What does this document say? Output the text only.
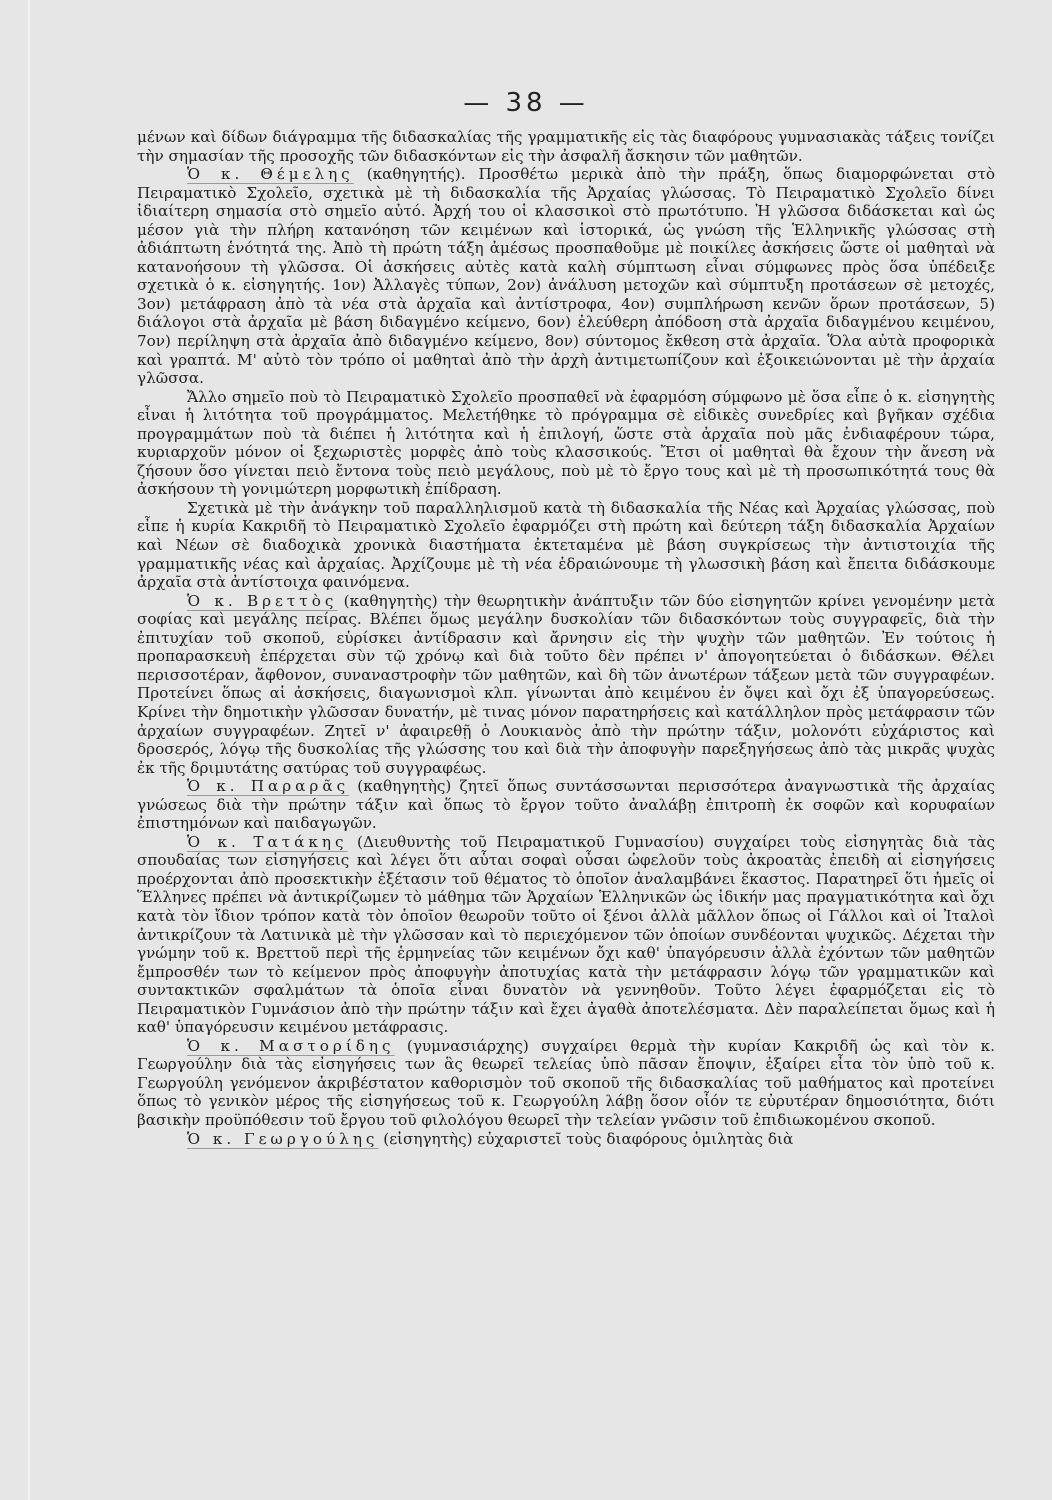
— 38 —

μένων καὶ δίδων διάγραμμα τῆς διδασκαλίας τῆς γραμματικῆς εἰς τὰς διαφόρους γυμνασιακὰς τάξεις τονίζει τὴν σημασίαν τῆς προσοχῆς τῶν διδασκόντων εἰς τὴν ἀσφαλῆ ἄσκησιν τῶν μαθητῶν.

Ὁ κ. Θέμελης (καθηγητής). Προσθέτω μερικὰ ἀπὸ τὴν πράξη, ὅπως διαμορφώνεται στὸ Πειραματικὸ Σχολεῖο, σχετικὰ μὲ τὴ διδασκαλία τῆς Ἀρχαίας γλώσσας. Τὸ Πειραματικὸ Σχολεῖο δίνει ἰδιαίτερη σημασία στὸ σημεῖο αὐτό. Ἀρχή του οἱ κλασσικοὶ στὸ πρωτότυπο. Ἡ γλῶσσα διδάσκεται καὶ ὡς μέσον γιὰ τὴν πλήρη κατανόηση τῶν κειμένων καὶ ἱστορικά, ὡς γνώση τῆς Ἑλληνικῆς γλώσσας στὴ ἀδιάπτωτη ἑνότητά της. Ἀπὸ τὴ πρώτη τάξη ἀμέσως προσπαθοῦμε μὲ ποικίλες ἀσκήσεις ὥστε οἱ μαθηταὶ νὰ κατανοήσουν τὴ γλῶσσα. Οἱ ἀσκήσεις αὐτὲς κατὰ καλὴ σύμπτωση εἶναι σύμφωνες πρὸς ὅσα ὑπέδειξε σχετικὰ ὁ κ. εἰσηγητής. 1ον) Ἀλλαγὲς τύπων, 2ον) ἀνάλυση μετοχῶν καὶ σύμπτυξη προτάσεων σὲ μετοχές, 3ον) μετάφραση ἀπὸ τὰ νέα στὰ ἀρχαῖα καὶ ἀντίστροφα, 4ον) συμπλήρωση κενῶν ὅρων προτάσεων, 5) διάλογοι στὰ ἀρχαῖα μὲ βάση διδαγμένο κείμενο, 6ον) ἐλεύθερη ἀπόδοση στὰ ἀρχαῖα διδαγμένου κειμένου, 7ον) περίληψη στὰ ἀρχαῖα ἀπὸ διδαγμένο κείμενο, 8ον) σύντομος ἔκθεση στὰ ἀρχαῖα. Ὅλα αὐτὰ προφορικὰ καὶ γραπτά. Μ' αὐτὸ τὸν τρόπο οἱ μαθηταὶ ἀπὸ τὴν ἀρχὴ ἀντιμετωπίζουν καὶ ἐξοικειώνονται μὲ τὴν ἀρχαία γλῶσσα.

Ἄλλο σημεῖο ποὺ τὸ Πειραματικὸ Σχολεῖο προσπαθεῖ νὰ ἐφαρμόση σύμφωνο μὲ ὅσα εἶπε ὁ κ. εἰσηγητὴς εἶναι ἡ λιτότητα τοῦ προγράμματος. Μελετήθηκε τὸ πρόγραμμα σὲ εἰδικὲς συνεδρίες καὶ βγῆκαν σχέδια προγραμμάτων ποὺ τὰ διέπει ἡ λιτότητα καὶ ἡ ἐπιλογή, ὥστε στὰ ἀρχαῖα ποὺ μᾶς ἐνδιαφέρουν τώρα, κυριαρχοῦν μόνον οἱ ξεχωριστὲς μορφὲς ἀπὸ τοὺς κλασσικούς. Ἔτσι οἱ μαθηταὶ θὰ ἔχουν τὴν ἄνεση νὰ ζήσουν ὅσο γίνεται πειὸ ἔντονα τοὺς πειὸ μεγάλους, ποὺ μὲ τὸ ἔργο τους καὶ μὲ τὴ προσωπικότητά τους θὰ ἀσκήσουν τὴ γονιμώτερη μορφωτικὴ ἐπίδραση.

Σχετικὰ μὲ τὴν ἀνάγκην τοῦ παραλληλισμοῦ κατὰ τὴ διδασκαλία τῆς Νέας καὶ Ἀρχαίας γλώσσας, ποὺ εἶπε ἡ κυρία Κακριδῆ τὸ Πειραματικὸ Σχολεῖο ἐφαρμόζει στὴ πρώτη καὶ δεύτερη τάξη διδασκαλία Ἀρχαίων καὶ Νέων σὲ διαδοχικὰ χρονικὰ διαστήματα ἐκτεταμένα μὲ βάση συγκρίσεως τὴν ἀντιστοιχία τῆς γραμματικῆς νέας καὶ ἀρχαίας. Ἀρχίζουμε μὲ τὴ νέα ἑδραιώνουμε τὴ γλωσσικὴ βάση καὶ ἔπειτα διδάσκουμε ἀρχαῖα στὰ ἀντίστοιχα φαινόμενα.

Ὁ κ. Βρεττὸς (καθηγητὴς) τὴν θεωρητικὴν ἀνάπτυξιν τῶν δύο εἰσηγητῶν κρίνει γενομένην μετὰ σοφίας καὶ μεγάλης πείρας. Βλέπει ὅμως μεγάλην δυσκολίαν τῶν διδασκόντων τοὺς συγγραφεῖς, διὰ τὴν ἐπιτυχίαν τοῦ σκοποῦ, εὑρίσκει ἀντίδρασιν καὶ ἄρνησιν εἰς τὴν ψυχὴν τῶν μαθητῶν. Ἐν τούτοις ἡ προπαρασκευὴ ἐπέρχεται σὺν τῷ χρόνῳ καὶ διὰ τοῦτο δὲν πρέπει ν' ἀπογοητεύεται ὁ διδάσκων. Θέλει περισσοτέραν, ἄφθονον, συναναστροφὴν τῶν μαθητῶν, καὶ δὴ τῶν ἀνωτέρων τάξεων μετὰ τῶν συγγραφέων. Προτείνει ὅπως αἱ ἀσκήσεις, διαγωνισμοὶ κλπ. γίνωνται ἀπὸ κειμένου ἐν ὄψει καὶ ὄχι ἐξ ὑπαγορεύσεως. Κρίνει τὴν δημοτικὴν γλῶσσαν δυνατήν, μὲ τινας μόνον παρατηρήσεις καὶ κατάλληλον πρὸς μετάφρασιν τῶν ἀρχαίων συγγραφέων. Ζητεῖ ν' ἀφαιρεθῇ ὁ Λουκιανὸς ἀπὸ τὴν πρώτην τάξιν, μολονότι εὐχάριστος καὶ δροσερός, λόγῳ τῆς δυσκολίας τῆς γλώσσης του καὶ διὰ τὴν ἀποφυγὴν παρεξηγήσεως ἀπὸ τὰς μικρᾶς ψυχὰς ἐκ τῆς δριμυτάτης σατύρας τοῦ συγγραφέως.

Ὁ κ. Παραρᾶς (καθηγητὴς) ζητεῖ ὅπως συντάσσωνται περισσότερα ἀναγνωστικὰ τῆς ἀρχαίας γνώσεως διὰ τὴν πρώτην τάξιν καὶ ὅπως τὸ ἔργον τοῦτο ἀναλάβῃ ἐπιτροπὴ ἐκ σοφῶν καὶ κορυφαίων ἐπιστημόνων καὶ παιδαγωγῶν.

Ὁ κ. Τατάκης (Διευθυντὴς τοῦ Πειραματικοῦ Γυμνασίου) συγχαίρει τοὺς εἰσηγητὰς διὰ τὰς σπουδαίας των εἰσηγήσεις καὶ λέγει ὅτι αὗται σοφαὶ οὖσαι ὠφελοῦν τοὺς ἀκροατὰς ἐπειδὴ αἱ εἰσηγήσεις προέρχονται ἀπὸ προσεκτικὴν ἐξέτασιν τοῦ θέματος τὸ ὁποῖον ἀναλαμβάνει ἕκαστος. Παρατηρεῖ ὅτι ἡμεῖς οἱ Ἕλληνες πρέπει νὰ ἀντικρίζωμεν τὸ μάθημα τῶν Ἀρχαίων Ἑλληνικῶν ὡς ἰδικήν μας πραγματικότητα καὶ ὄχι κατὰ τὸν ἴδιον τρόπον κατὰ τὸν ὁποῖον θεωροῦν τοῦτο οἱ ξένοι ἀλλὰ μᾶλλον ὅπως οἱ Γάλλοι καὶ οἱ Ἰταλοὶ ἀντικρίζουν τὰ Λατινικὰ μὲ τὴν γλῶσσαν καὶ τὸ περιεχόμενον τῶν ὁποίων συνδέονται ψυχικῶς. Δέχεται τὴν γνώμην τοῦ κ. Βρεττοῦ περὶ τῆς ἑρμηνείας τῶν κειμένων ὄχι καθ' ὑπαγόρευσιν ἀλλὰ ἐχόντων τῶν μαθητῶν ἔμπροσθέν των τὸ κείμενον πρὸς ἀποφυγὴν ἀποτυχίας κατὰ τὴν μετάφρασιν λόγῳ τῶν γραμματικῶν καὶ συντακτικῶν σφαλμάτων τὰ ὁποῖα εἶναι δυνατὸν νὰ γεννηθοῦν. Τοῦτο λέγει ἐφαρμόζεται εἰς τὸ Πειραματικὸν Γυμνάσιον ἀπὸ τὴν πρώτην τάξιν καὶ ἔχει ἀγαθὰ ἀποτελέσματα. Δὲν παραλείπεται ὅμως καὶ ἡ καθ' ὑπαγόρευσιν κειμένου μετάφρασις.

Ὁ κ. Μαστορίδης (γυμνασιάρχης) συγχαίρει θερμὰ τὴν κυρίαν Κακριδῆ ὡς καὶ τὸν κ. Γεωργούλην διὰ τὰς εἰσηγήσεις των ἃς θεωρεῖ τελείας ὑπὸ πᾶσαν ἔποψιν, ἐξαίρει εἶτα τὸν ὑπὸ τοῦ κ. Γεωργούλη γενόμενον ἀκριβέστατον καθορισμὸν τοῦ σκοποῦ τῆς διδασκαλίας τοῦ μαθήματος καὶ προτείνει ὅπως τὸ γενικὸν μέρος τῆς εἰσηγήσεως τοῦ κ. Γεωργούλη λάβῃ ὅσον οἷόν τε εὐρυτέραν δημοσιότητα, διότι βασικὴν προϋπόθεσιν τοῦ ἔργου τοῦ φιλολόγου θεωρεῖ τὴν τελείαν γνῶσιν τοῦ ἐπιδιωκομένου σκοποῦ.

Ὁ κ. Γεωργούλης (εἰσηγητὴς) εὐχαριστεῖ τοὺς διαφόρους ὁμιλητὰς διὰ
